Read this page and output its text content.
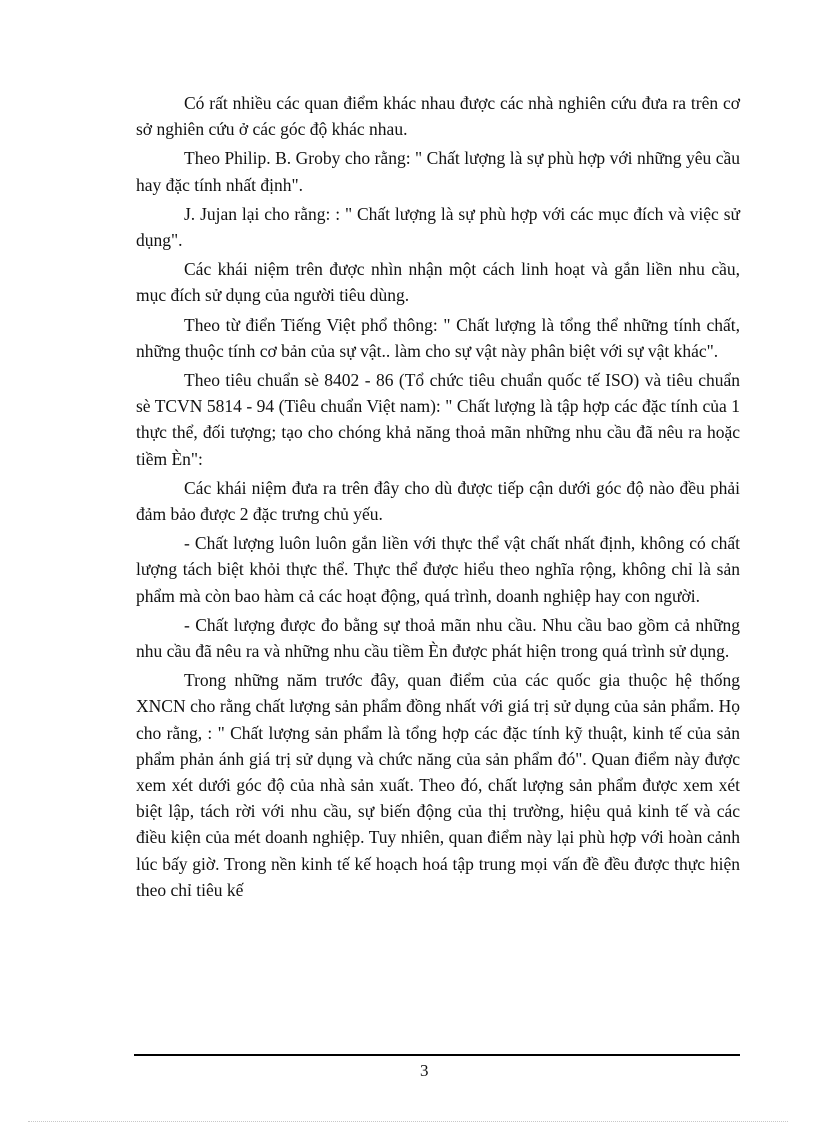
Có rất nhiều các quan điểm khác nhau được các nhà nghiên cứu đưa ra trên cơ sở nghiên cứu ở các góc độ khác nhau.

Theo Philip. B. Groby cho rằng: " Chất lượng là sự phù hợp với những yêu cầu hay đặc tính nhất định".

J. Jujan lại cho rằng: : " Chất lượng là sự phù hợp với các mục đích và việc sử dụng".

Các khái niệm trên được nhìn nhận một cách linh hoạt và gắn liền nhu cầu, mục đích sử dụng của người tiêu dùng.

Theo từ điển Tiếng Việt phổ thông: " Chất lượng là tổng thể những tính chất, những thuộc tính cơ bản của sự vật.. làm cho sự vật này phân biệt với sự vật khác".

Theo tiêu chuẩn sè 8402 - 86 (Tổ chức tiêu chuẩn quốc tế ISO) và tiêu chuẩn sè TCVN 5814 - 94 (Tiêu chuẩn Việt nam): " Chất lượng là tập hợp các đặc tính của 1 thực thể, đối tượng; tạo cho chóng khả năng thoả mãn những nhu cầu đã nêu ra hoặc tiềm Èn":

Các khái niệm đưa ra trên đây cho dù được tiếp cận dưới góc độ nào đều phải đảm bảo được 2 đặc trưng chủ yếu.

- Chất lượng luôn luôn gắn liền với thực thể vật chất nhất định, không có chất lượng tách biệt khỏi thực thể. Thực thể được hiểu theo nghĩa rộng, không chỉ là sản phẩm mà còn bao hàm cả các hoạt động, quá trình, doanh nghiệp hay con người.

- Chất lượng được đo bằng sự thoả mãn nhu cầu. Nhu cầu bao gồm cả những nhu cầu đã nêu ra và những nhu cầu tiềm Èn được phát hiện trong quá trình sử dụng.

Trong những năm trước đây, quan điểm của các quốc gia thuộc hệ thống XNCN cho rằng chất lượng sản phẩm đồng nhất với giá trị sử dụng của sản phẩm. Họ cho rằng, : " Chất lượng sản phẩm là tổng hợp các đặc tính kỹ thuật, kinh tế của sản phẩm phản ánh giá trị sử dụng và chức năng của sản phẩm đó". Quan điểm này được xem xét dưới góc độ của nhà sản xuất. Theo đó, chất lượng sản phẩm được xem xét biệt lập, tách rời với nhu cầu, sự biến động của thị trường, hiệu quả kinh tế và các điều kiện của mét doanh nghiệp. Tuy nhiên, quan điểm này lại phù hợp với hoàn cảnh lúc bấy giờ. Trong nền kinh tế kế hoạch hoá tập trung mọi vấn đề đều được thực hiện theo chỉ tiêu kế

3
